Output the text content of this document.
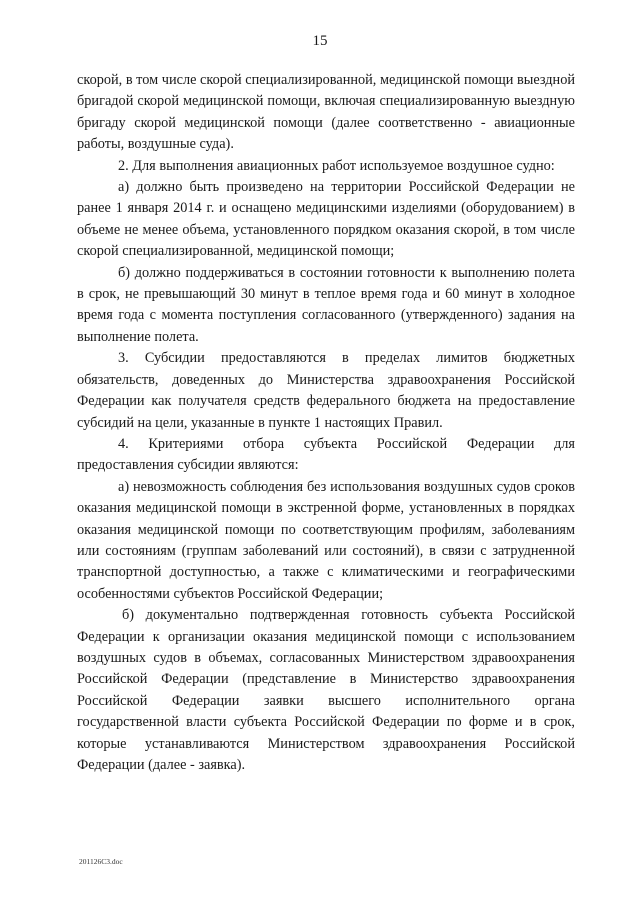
15

скорой, в том числе скорой специализированной, медицинской помощи выездной бригадой скорой медицинской помощи, включая специализированную выездную бригаду скорой медицинской помощи (далее соответственно - авиационные работы, воздушные суда).

2. Для выполнения авиационных работ используемое воздушное судно:

а) должно быть произведено на территории Российской Федерации не ранее 1 января 2014 г. и оснащено медицинскими изделиями (оборудованием) в объеме не менее объема, установленного порядком оказания скорой, в том числе скорой специализированной, медицинской помощи;

б) должно поддерживаться в состоянии готовности к выполнению полета в срок, не превышающий 30 минут в теплое время года и 60 минут в холодное время года с момента поступления согласованного (утвержденного) задания на выполнение полета.

3. Субсидии предоставляются в пределах лимитов бюджетных обязательств, доведенных до Министерства здравоохранения Российской Федерации как получателя средств федерального бюджета на предоставление субсидий на цели, указанные в пункте 1 настоящих Правил.

4. Критериями отбора субъекта Российской Федерации для предоставления субсидии являются:

а) невозможность соблюдения без использования воздушных судов сроков оказания медицинской помощи в экстренной форме, установленных в порядках оказания медицинской помощи по соответствующим профилям, заболеваниям или состояниям (группам заболеваний или состояний), в связи с затрудненной транспортной доступностью, а также с климатическими и географическими особенностями субъектов Российской Федерации;

б) документально подтвержденная готовность субъекта Российской Федерации к организации оказания медицинской помощи с использованием воздушных судов в объемах, согласованных Министерством здравоохранения Российской Федерации (представление в Министерство здравоохранения Российской Федерации заявки высшего исполнительного органа государственной власти субъекта Российской Федерации по форме и в срок, которые устанавливаются Министерством здравоохранения Российской Федерации (далее - заявка).

201126C3.doc
